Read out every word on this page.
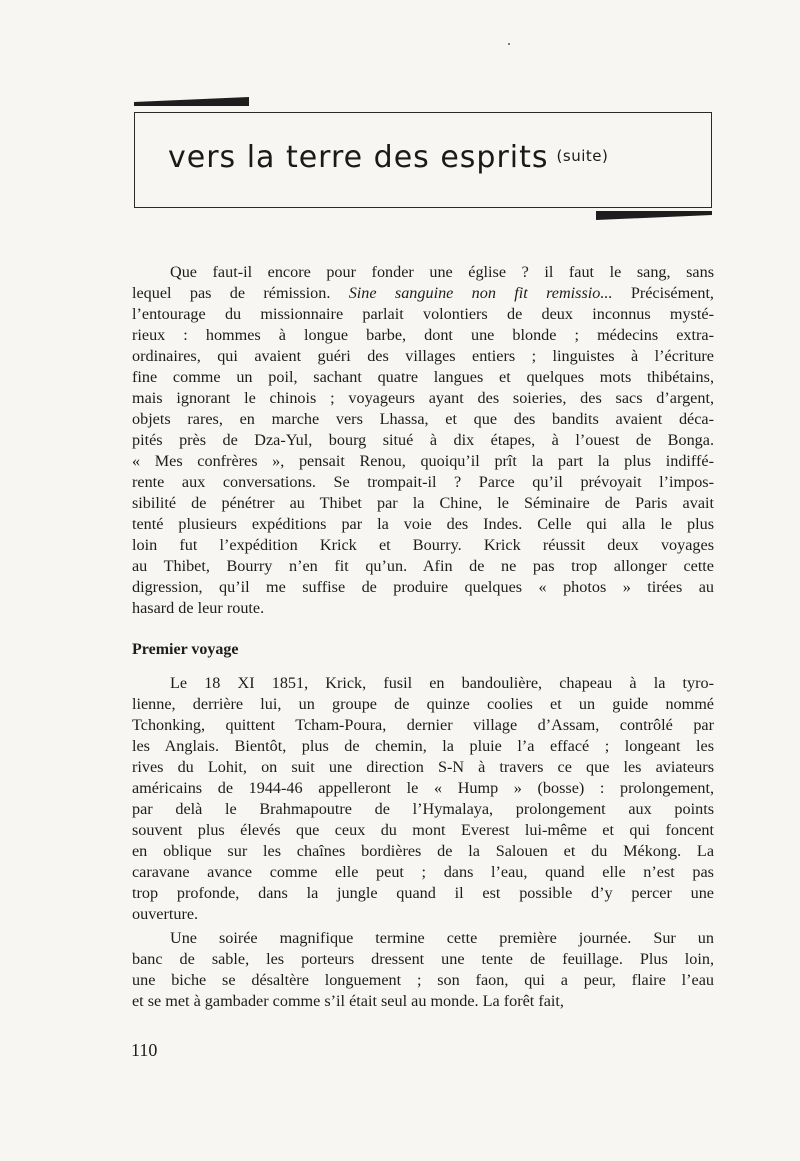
vers la terre des esprits $^{(suite)}$
Que faut-il encore pour fonder une église ? il faut le sang, sans
lequel pas de rémission. Sine sanguine non fit remissio... Précisément,
l’entourage du missionnaire parlait volontiers de deux inconnus mysté-
rieux : hommes à longue barbe, dont une blonde ; médecins extra-
ordinaires, qui avaient guéri des villages entiers ; linguistes à l’écriture
fine comme un poil, sachant quatre langues et quelques mots thibétains,
mais ignorant le chinois ; voyageurs ayant des soieries, des sacs d’argent,
objets rares, en marche vers Lhassa, et que des bandits avaient déca-
pités près de Dza-Yul, bourg situé à dix étapes, à l’ouest de Bonga.
« Mes confrères », pensait Renou, quoiqu’il prît la part la plus indiffé-
rente aux conversations. Se trompait-il ? Parce qu’il prévoyait l’impos-
sibilité de pénétrer au Thibet par la Chine, le Séminaire de Paris avait
tenté plusieurs expéditions par la voie des Indes. Celle qui alla le plus
loin fut l’expédition Krick et Bourry. Krick réussit deux voyages
au Thibet, Bourry n’en fit qu’un. Afin de ne pas trop allonger cette
digression, qu’il me suffise de produire quelques « photos » tirées au
hasard de leur route.
Premier voyage
Le 18 XI 1851, Krick, fusil en bandoulière, chapeau à la tyro-
lienne, derrière lui, un groupe de quinze coolies et un guide nommé
Tchonking, quittent Tcham-Poura, dernier village d’Assam, contrôlé par
les Anglais. Bientôt, plus de chemin, la pluie l’a effacé ; longeant les
rives du Lohit, on suit une direction S-N à travers ce que les aviateurs
américains de 1944-46 appelleront le « Hump » (bosse) : prolongement,
par delà le Brahmapoutre de l’Hymalaya, prolongement aux points
souvent plus élevés que ceux du mont Everest lui-même et qui foncent
en oblique sur les chaînes bordières de la Salouen et du Mékong. La
caravane avance comme elle peut ; dans l’eau, quand elle n’est pas
trop profonde, dans la jungle quand il est possible d’y percer une
ouverture.
Une soirée magnifique termine cette première journée. Sur un
banc de sable, les porteurs dressent une tente de feuillage. Plus loin,
une biche se désaltère longuement ; son faon, qui a peur, flaire l’eau
et se met à gambader comme s’il était seul au monde. La forêt fait,
110
